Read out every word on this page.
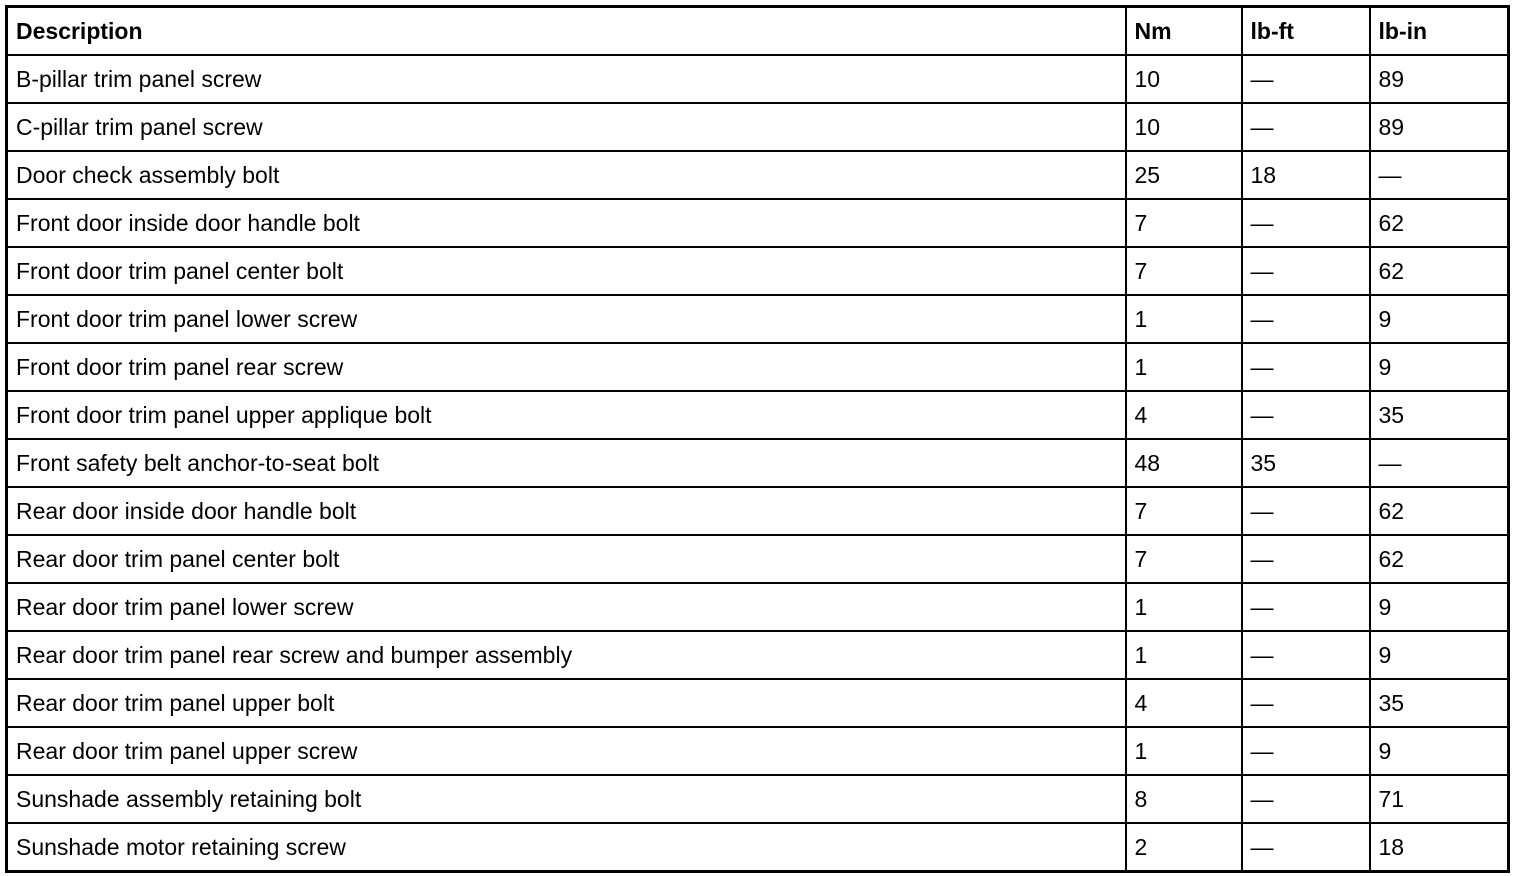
Description	Nm	lb-ft	lb-in
B-pillar trim panel screw	10	—	89
C-pillar trim panel screw	10	—	89
Door check assembly bolt	25	18	—
Front door inside door handle bolt	7	—	62
Front door trim panel center bolt	7	—	62
Front door trim panel lower screw	1	—	9
Front door trim panel rear screw	1	—	9
Front door trim panel upper applique bolt	4	—	35
Front safety belt anchor-to-seat bolt	48	35	—
Rear door inside door handle bolt	7	—	62
Rear door trim panel center bolt	7	—	62
Rear door trim panel lower screw	1	—	9
Rear door trim panel rear screw and bumper assembly	1	—	9
Rear door trim panel upper bolt	4	—	35
Rear door trim panel upper screw	1	—	9
Sunshade assembly retaining bolt	8	—	71
Sunshade motor retaining screw	2	—	18
